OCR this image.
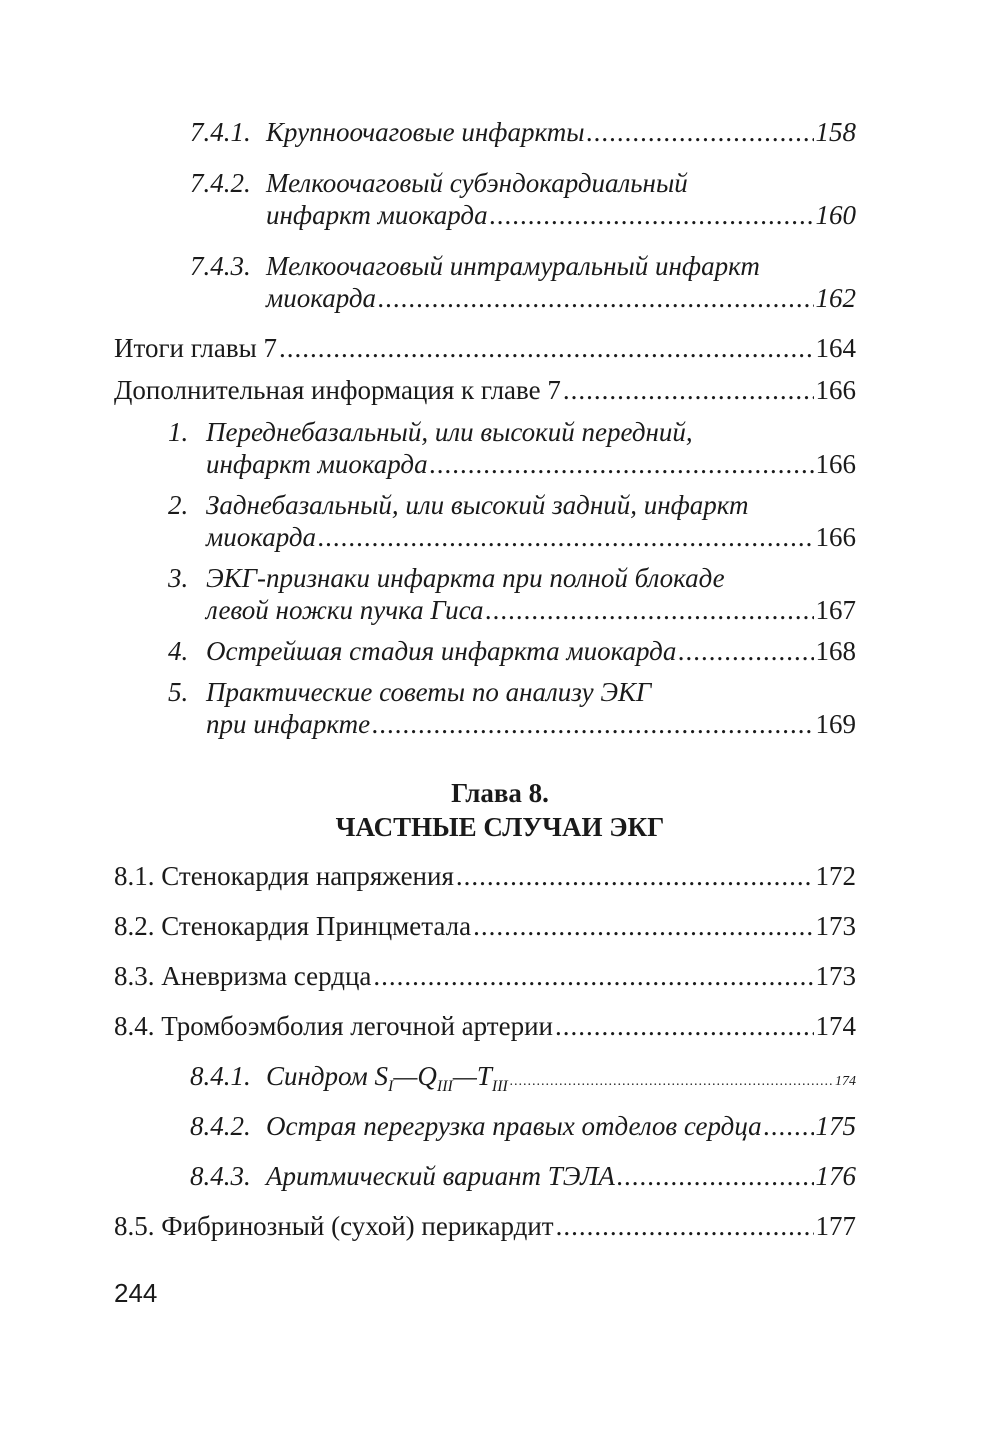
7.4.1. Крупноочаговые инфаркты .....	158
7.4.2. Мелкоочаговый субэндокардиальный
инфаркт миокарда .....	160
7.4.3. Мелкоочаговый интрамуральный инфаркт
миокарда .....	162
Итоги главы 7 .....	164
Дополнительная информация к главе 7 .....	166
1. Переднебазальный, или высокий передний,
инфаркт миокарда .....	166
2. Заднебазальный, или высокий задний, инфаркт
миокарда .....	166
3. ЭКГ-признаки инфаркта при полной блокаде
левой ножки пучка Гиса .....	167
4. Острейшая стадия инфаркта миокарда .....	168
5. Практические советы по анализу ЭКГ
при инфаркте .....	169
Глава 8.
ЧАСТНЫЕ СЛУЧАИ ЭКГ
8.1. Стенокардия напряжения .....	172
8.2. Стенокардия Принцметала .....	173
8.3. Аневризма сердца .....	173
8.4. Тромбоэмболия легочной артерии .....	174
8.4.1. Синдром $S_I—Q_{III}—T_{III}$ .....	174
8.4.2. Острая перегрузка правых отделов сердца ..... 175
8.4.3. Аритмический вариант ТЭЛА .....	176
8.5. Фибринозный (сухой) перикардит .....	177
244
